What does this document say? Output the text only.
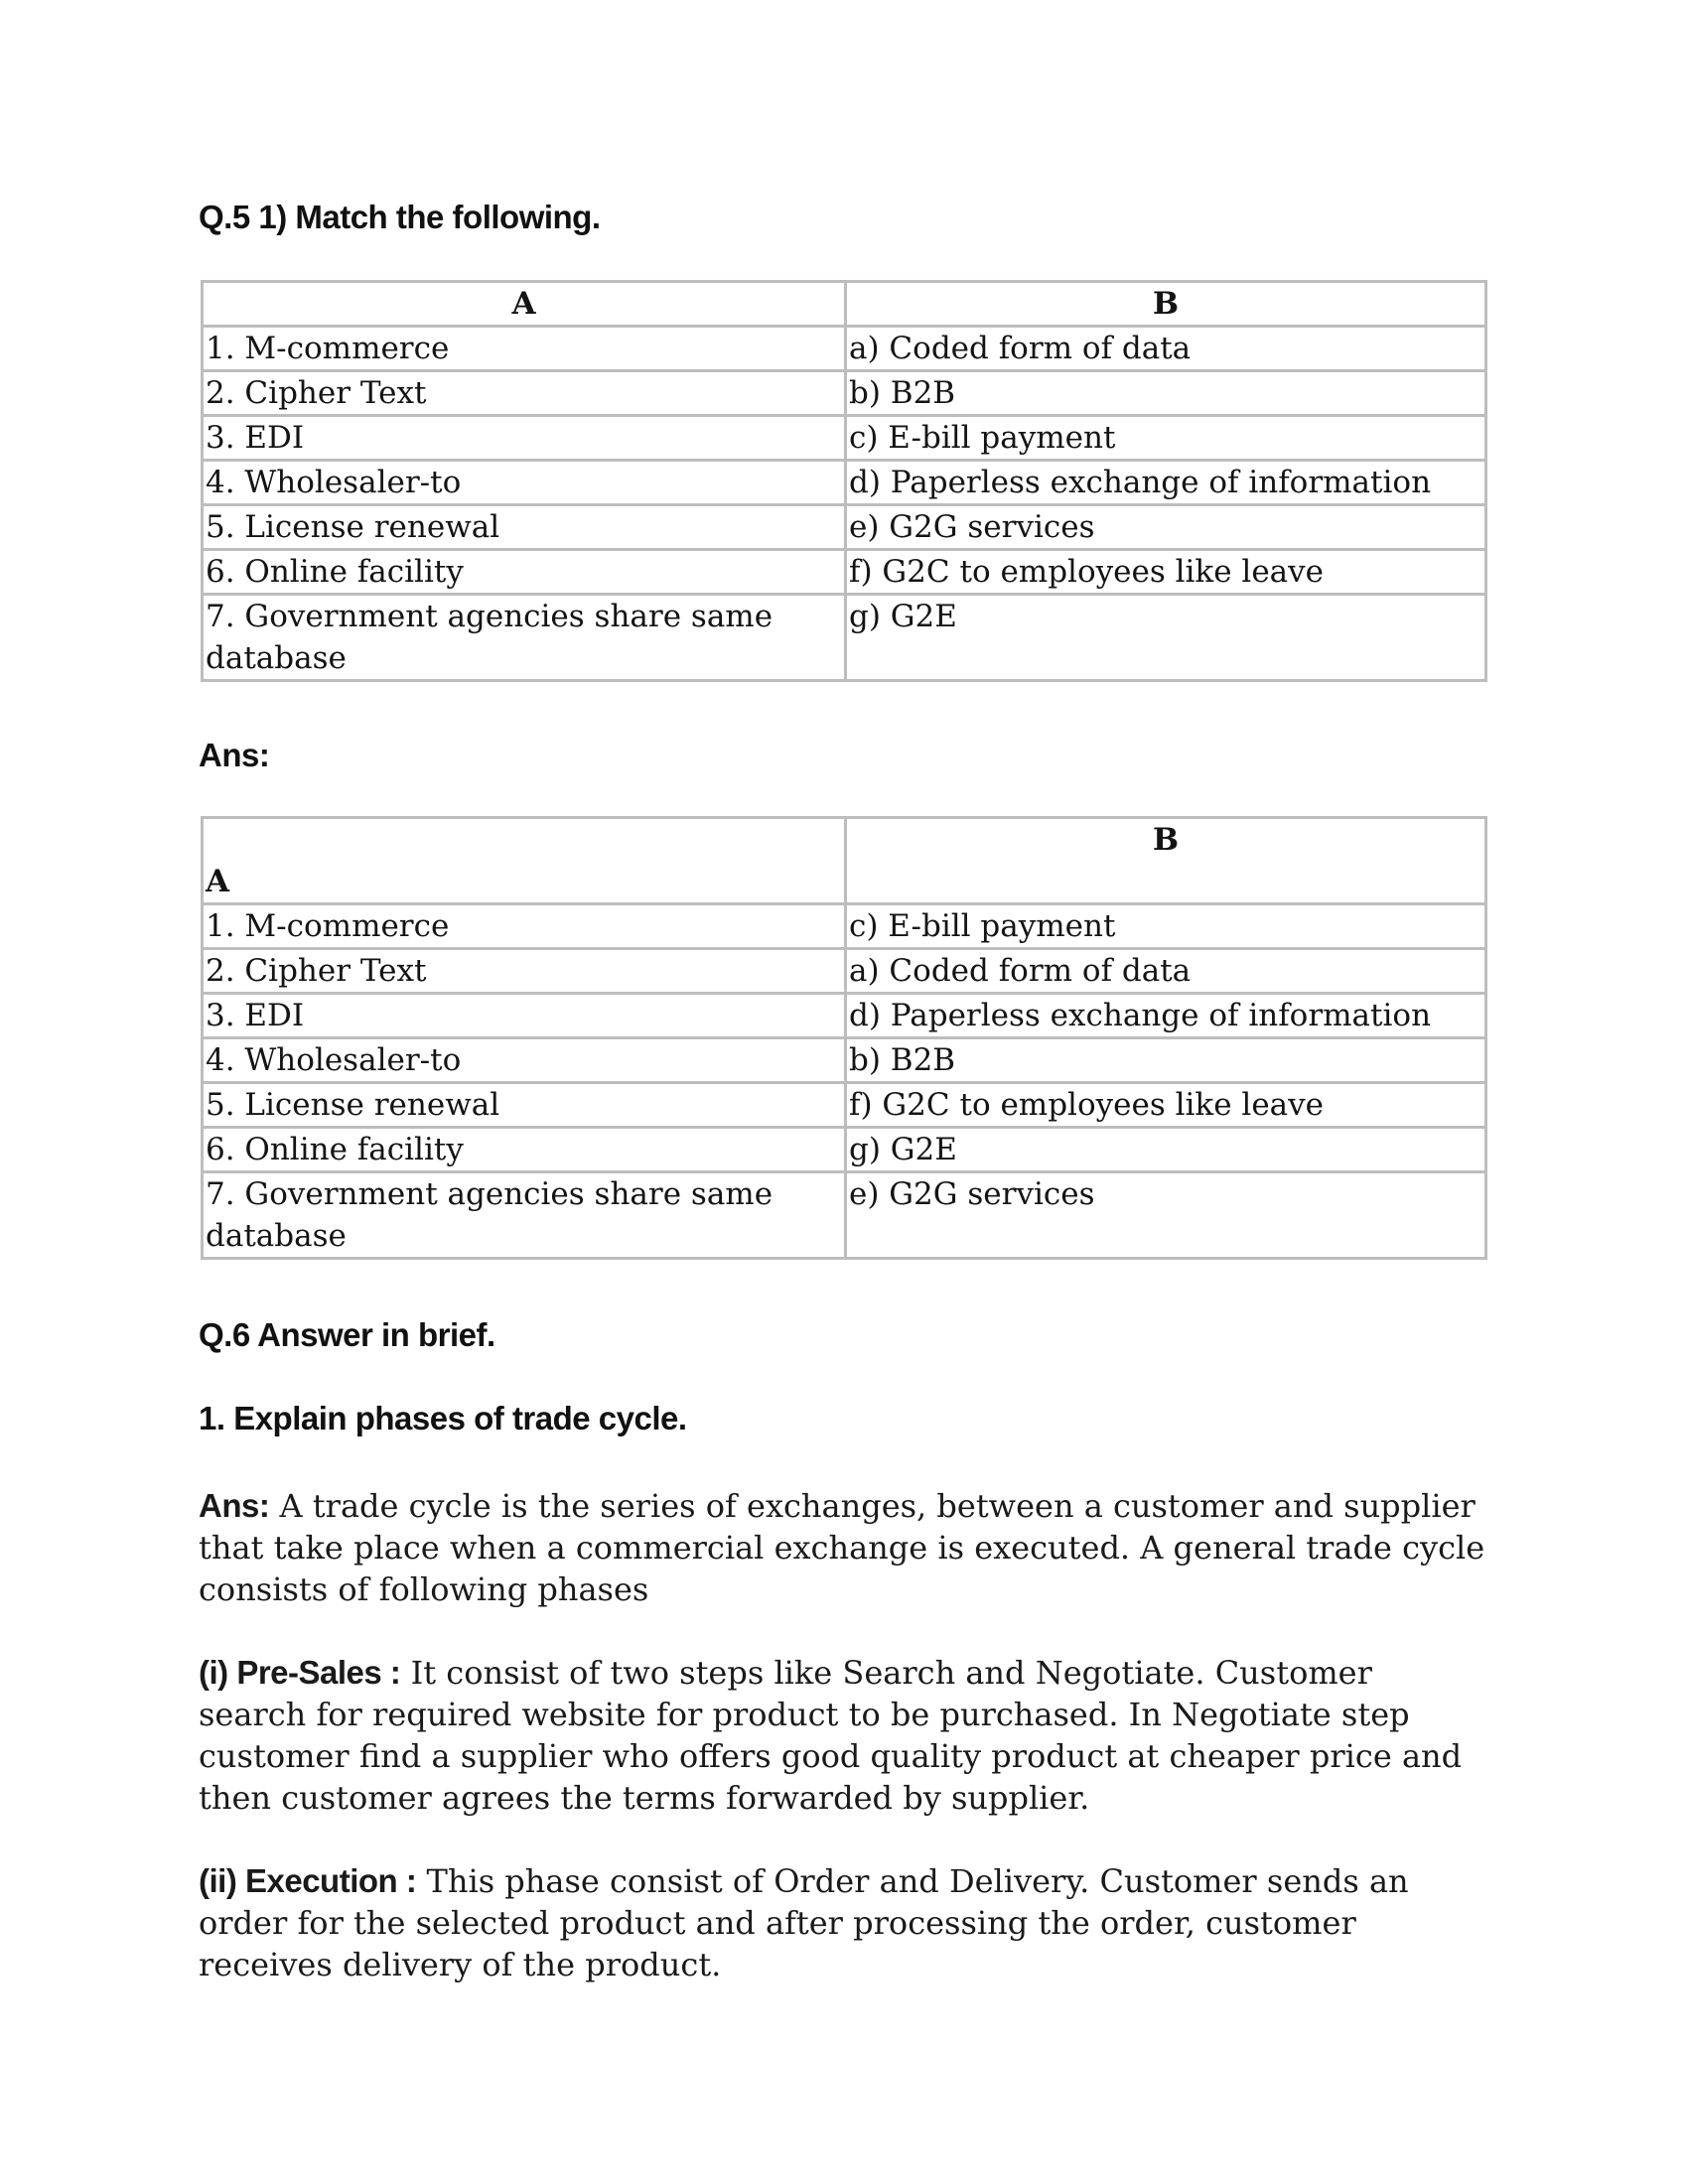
Q.5 1) Match the following.
A	B
1. M-commerce	a) Coded form of data
2. Cipher Text	b) B2B
3. EDI	c) E-bill payment
4. Wholesaler-to	d) Paperless exchange of information
5. License renewal	e) G2G services
6. Online facility	f) G2C to employees like leave
7. Government agencies share same database	g) G2E
Ans:
A	B
1. M-commerce	c) E-bill payment
2. Cipher Text	a) Coded form of data
3. EDI	d) Paperless exchange of information
4. Wholesaler-to	b) B2B
5. License renewal	f) G2C to employees like leave
6. Online facility	g) G2E
7. Government agencies share same database	e) G2G services
Q.6 Answer in brief.
1. Explain phases of trade cycle.

Ans: A trade cycle is the series of exchanges, between a customer and supplier that take place when a commercial exchange is executed. A general trade cycle consists of following phases

(i) Pre-Sales : It consist of two steps like Search and Negotiate. Customer search for required website for product to be purchased. In Negotiate step customer find a supplier who offers good quality product at cheaper price and then customer agrees the terms forwarded by supplier.

(ii) Execution : This phase consist of Order and Delivery. Customer sends an order for the selected product and after processing the order, customer receives delivery of the product.
